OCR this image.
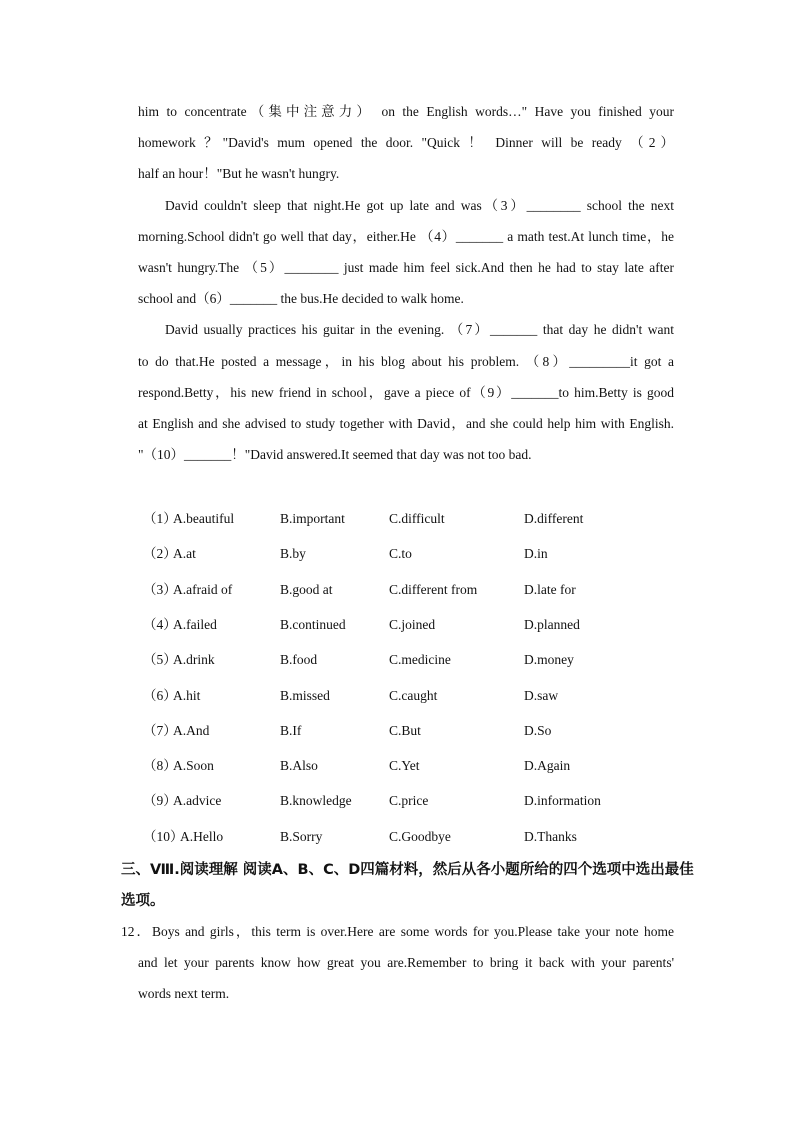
him to concentrate（集中注意力） on the English words…" Have you finished your
homework ？"David's mum opened the door. "Quick ！ Dinner will be ready （2）
half an hour！"But he wasn't hungry.
David couldn't sleep that night.He got up late and was（3）________ school the next
morning.School didn't go well that day，either.He （4）_______ a math test.At lunch time，he
wasn't hungry.The （5）________ just made him feel sick.And then he had to stay late after
school and（6）_______ the bus.He decided to walk home.
David usually practices his guitar in the evening. （7）_______ that day he didn't want
to do that.He posted a message，in his blog about his problem. （8）_________it got a
respond.Betty，his new friend in school，gave a piece of（9）_______to him.Betty is good
at English and she advised to study together with David，and she could help him with English.
"（10）_______！"David answered.It seemed that day was not too bad.
（1）
A.beautiful	B.important	C.difficult	D.different
（2）
A.at	B.by	C.to	D.in
（3）
A.afraid of	B.good at	C.different from	D.late for
（4）
A.failed	B.continued	C.joined	D.planned
（5）
A.drink	B.food	C.medicine	D.money
（6）
A.hit	B.missed	C.caught	D.saw
（7）
A.And	B.If	C.But	D.So
（8）
A.Soon	B.Also	C.Yet	D.Again
（9）
A.advice	B.knowledge	C.price	D.information
（10）
A.Hello	B.Sorry	C.Goodbye	D.Thanks
三、Ⅷ.阅读理解 阅读A、B、C、D四篇材料，然后从各小题所给的四个选项中选出最佳
选项。
12．Boys and girls，this term is over.Here are some words for you.Please take your note home
and let your parents know how great you are.Remember to bring it back with your parents'
words next term.
